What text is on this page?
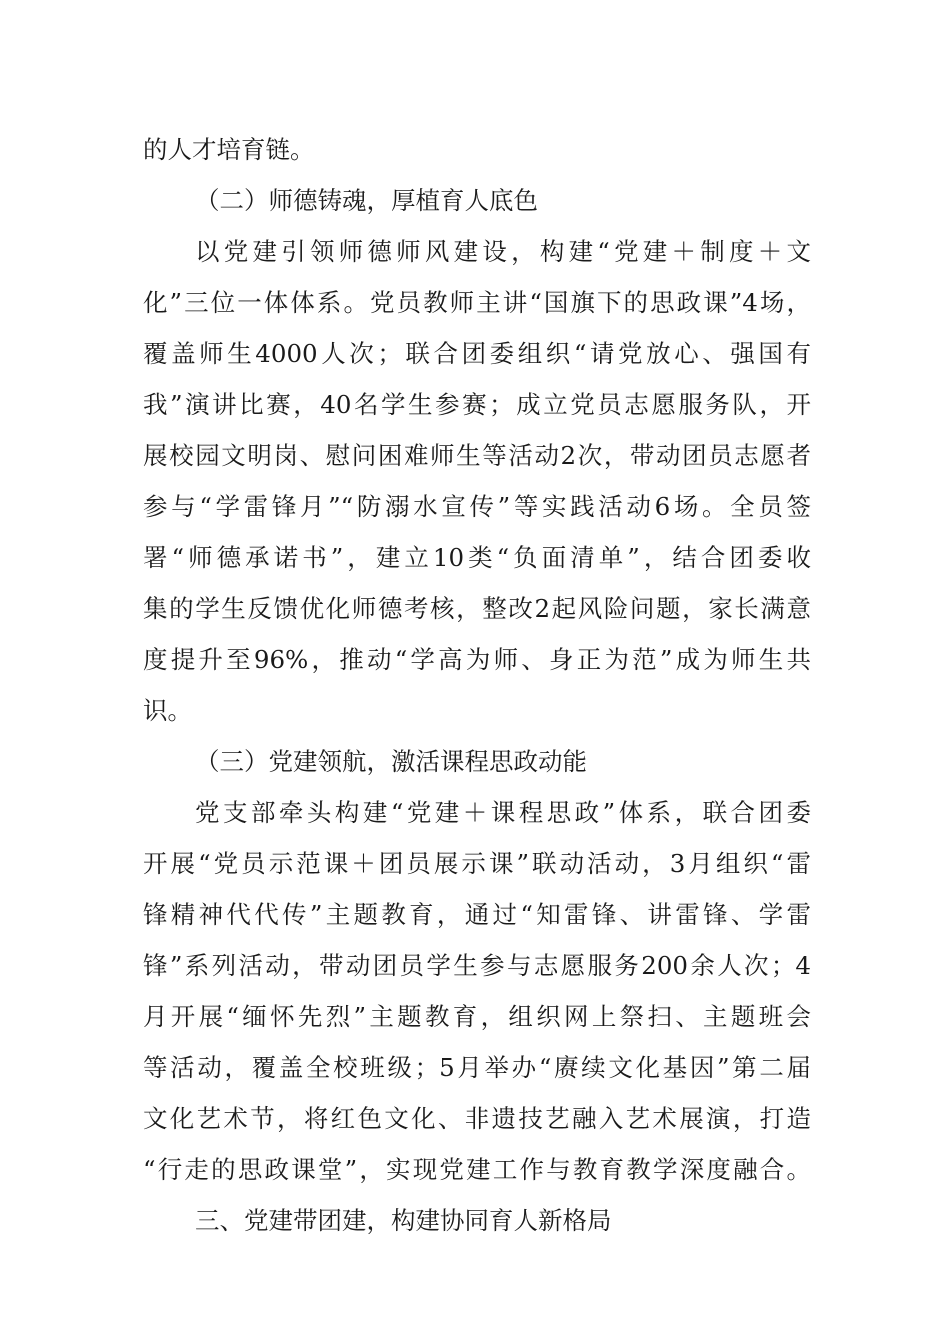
的人才培育链。
（二）师德铸魂，厚植育人底色
以党建引领师德师风建设，构建“党建＋制度＋文
化”三位一体体系。党员教师主讲“国旗下的思政课”4场，
覆盖师生4000人次；联合团委组织“请党放心、强国有
我”演讲比赛，40名学生参赛；成立党员志愿服务队，开
展校园文明岗、慰问困难师生等活动2次，带动团员志愿者
参与“学雷锋月”“防溺水宣传”等实践活动6场。全员签
署“师德承诺书”，建立10类“负面清单”，结合团委收
集的学生反馈优化师德考核，整改2起风险问题，家长满意
度提升至96%，推动“学高为师、身正为范”成为师生共
识。
（三）党建领航，激活课程思政动能
党支部牵头构建“党建＋课程思政”体系，联合团委
开展“党员示范课＋团员展示课”联动活动，3月组织“雷
锋精神代代传”主题教育，通过“知雷锋、讲雷锋、学雷
锋”系列活动，带动团员学生参与志愿服务200余人次；4
月开展“缅怀先烈”主题教育，组织网上祭扫、主题班会
等活动，覆盖全校班级；5月举办“赓续文化基因”第二届
文化艺术节，将红色文化、非遗技艺融入艺术展演，打造
“行走的思政课堂”，实现党建工作与教育教学深度融合。
三、党建带团建，构建协同育人新格局
